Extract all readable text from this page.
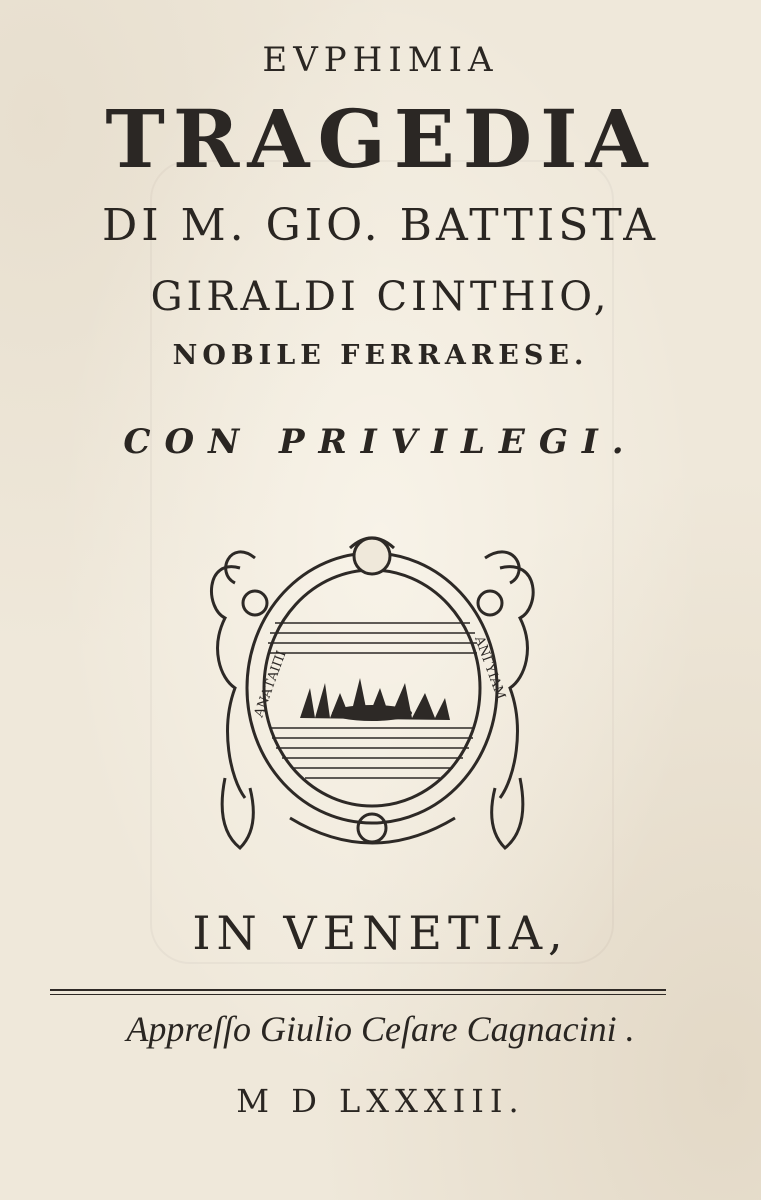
EVPHIMIA
TRAGEDIA
DI M. GIO. BATTISTA
GIRALDI CINTHIO,
NOBILE FERRARESE.
CON PRIVILEGI.
ΑΝΑΤΑΙΠΙ	ΑΝΓΥΙΑΜ
IN VENETIA,
Appreſſo Giulio Ceſare Cagnacini .
M D LXXXIII.
